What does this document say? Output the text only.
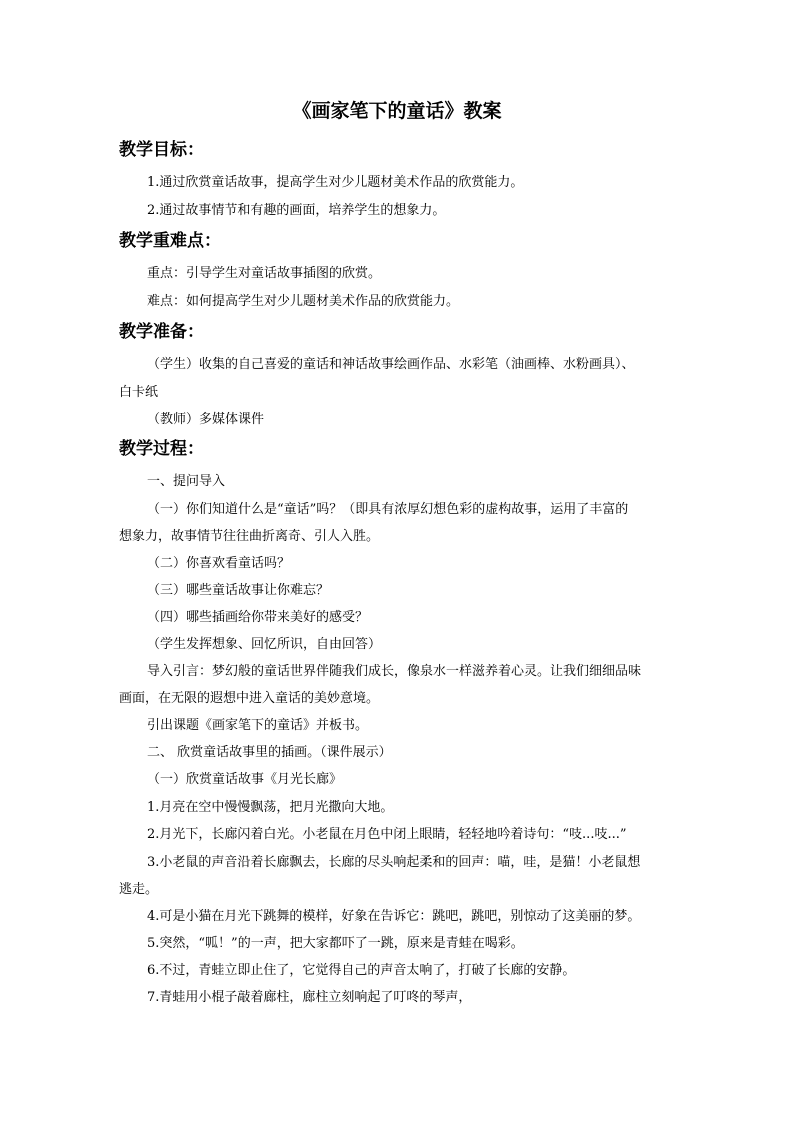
《画家笔下的童话》教案
教学目标：
1.通过欣赏童话故事，提高学生对少儿题材美术作品的欣赏能力。
2.通过故事情节和有趣的画面，培养学生的想象力。
教学重难点：
重点：引导学生对童话故事插图的欣赏。
难点：如何提高学生对少儿题材美术作品的欣赏能力。
教学准备：
（学生）收集的自己喜爱的童话和神话故事绘画作品、水彩笔（油画棒、水粉画具）、
白卡纸
（教师）多媒体课件
教学过程：
一、提问导入
（一）你们知道什么是“童话”吗？（即具有浓厚幻想色彩的虚构故事，运用了丰富的
想象力，故事情节往往曲折离奇、引人入胜。
（二）你喜欢看童话吗？
（三）哪些童话故事让你难忘？
（四）哪些插画给你带来美好的感受？
（学生发挥想象、回忆所识，自由回答）
导入引言：梦幻般的童话世界伴随我们成长，像泉水一样滋养着心灵。让我们细细品味
画面，在无限的遐想中进入童话的美妙意境。
引出课题《画家笔下的童话》并板书。
二、 欣赏童话故事里的插画。（课件展示）
（一）欣赏童话故事《月光长廊》
1.月亮在空中慢慢飘荡，把月光撒向大地。
2.月光下，长廊闪着白光。小老鼠在月色中闭上眼睛，轻轻地吟着诗句：“吱...吱...”
3.小老鼠的声音沿着长廊飘去，长廊的尽头响起柔和的回声：喵，哇，是猫！小老鼠想
逃走。
4.可是小猫在月光下跳舞的模样，好象在告诉它：跳吧，跳吧，别惊动了这美丽的梦。
5.突然，“呱！”的一声，把大家都吓了一跳，原来是青蛙在喝彩。
6.不过，青蛙立即止住了，它觉得自己的声音太响了，打破了长廊的安静。
7.青蛙用小棍子敲着廊柱，廊柱立刻响起了叮咚的琴声，
